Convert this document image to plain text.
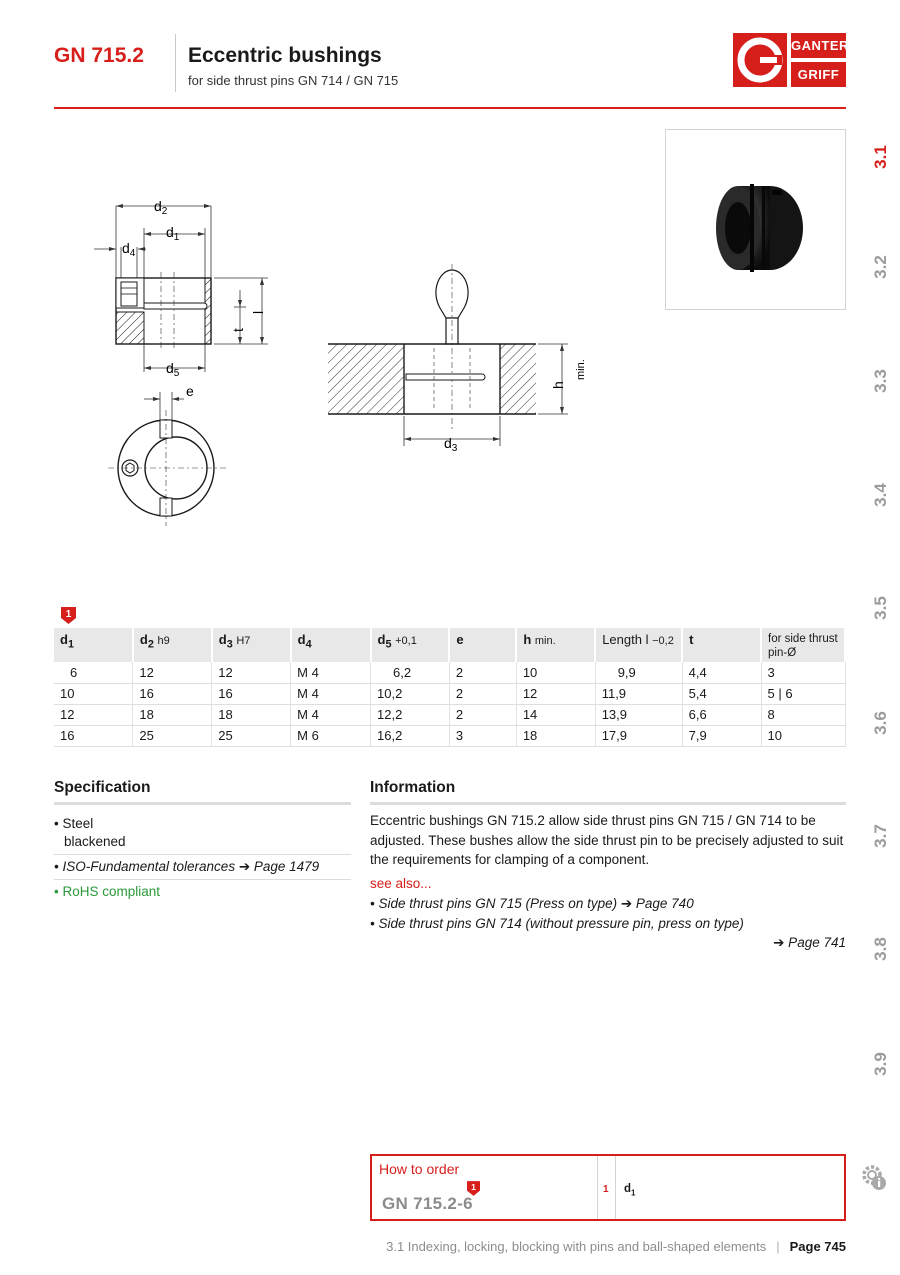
GN 715.2 Eccentric bushings
for side thrust pins GN 714 / GN 715
GANTER
GRIFF
3.1
3.2
3.3
3.4
3.5
3.6
3.7
3.8
3.9
$d_2$
$d_1$
$d_4$
l
t
$d_5$
e
$d_3$
h
min.
1
$d_1$	$d_2$ h9	$d_3$ H7	$d_4$	$d_5 +0,1$	e	h min.	Length l −0,2	t	for side thrust pin-Ø
6	12	12	M 4	6,2	2	10	9,9	4,4	3
10	16	16	M 4	10,2	2	12	11,9	5,4	5 | 6
12	18	18	M 4	12,2	2	14	13,9	6,6	8
16	25	25	M 6	16,2	3	18	17,9	7,9	10
Specification
• Steel
blackened
• ISO-Fundamental tolerances ➔ Page 1479
• RoHS compliant
Information
Eccentric bushings GN 715.2 allow side thrust pins GN 715 / GN 714 to be adjusted. These bushes allow the side thrust pin to be precisely adjusted to suit the requirements for clamping of a component.
see also...
• Side thrust pins GN 715 (Press on type) ➔ Page 740
• Side thrust pins GN 714 (without pressure pin, press on type)
➔ Page 741
How to order
1
GN 715.2-6
1 $d_1$
3.1 Indexing, locking, blocking with pins and ball-shaped elements | Page 745
